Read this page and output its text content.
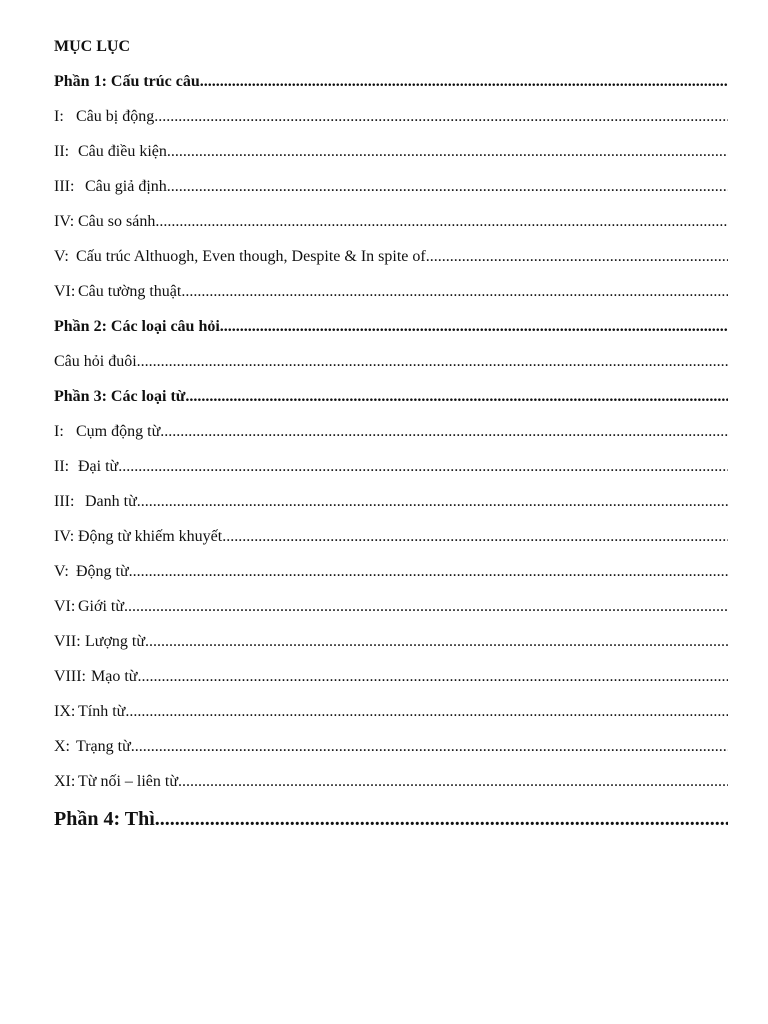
MỤC LỤC
Phần 1: Cấu trúc câu
.....
I: Câu bị động
.....
II: Câu điều kiện
.....
III: Câu giả định
.....
IV: Câu so sánh
.....
V: Cấu trúc Althuogh, Even though, Despite & In spite of
.....
VI: Câu tường thuật
.....
Phần 2: Các loại câu hỏi
.....
Câu hỏi đuôi
.....
Phần 3: Các loại từ
.....
I: Cụm động từ
.....
II: Đại từ
.....
III: Danh từ
.....
IV: Động từ khiếm khuyết
.....
V: Động từ
.....
VI: Giới từ
.....
VII: Lượng từ
.....
VIII: Mạo từ
.....
IX: Tính từ
.....
X: Trạng từ
.....
XI: Từ nối – liên từ
.....
Phần 4: Thì
.....
